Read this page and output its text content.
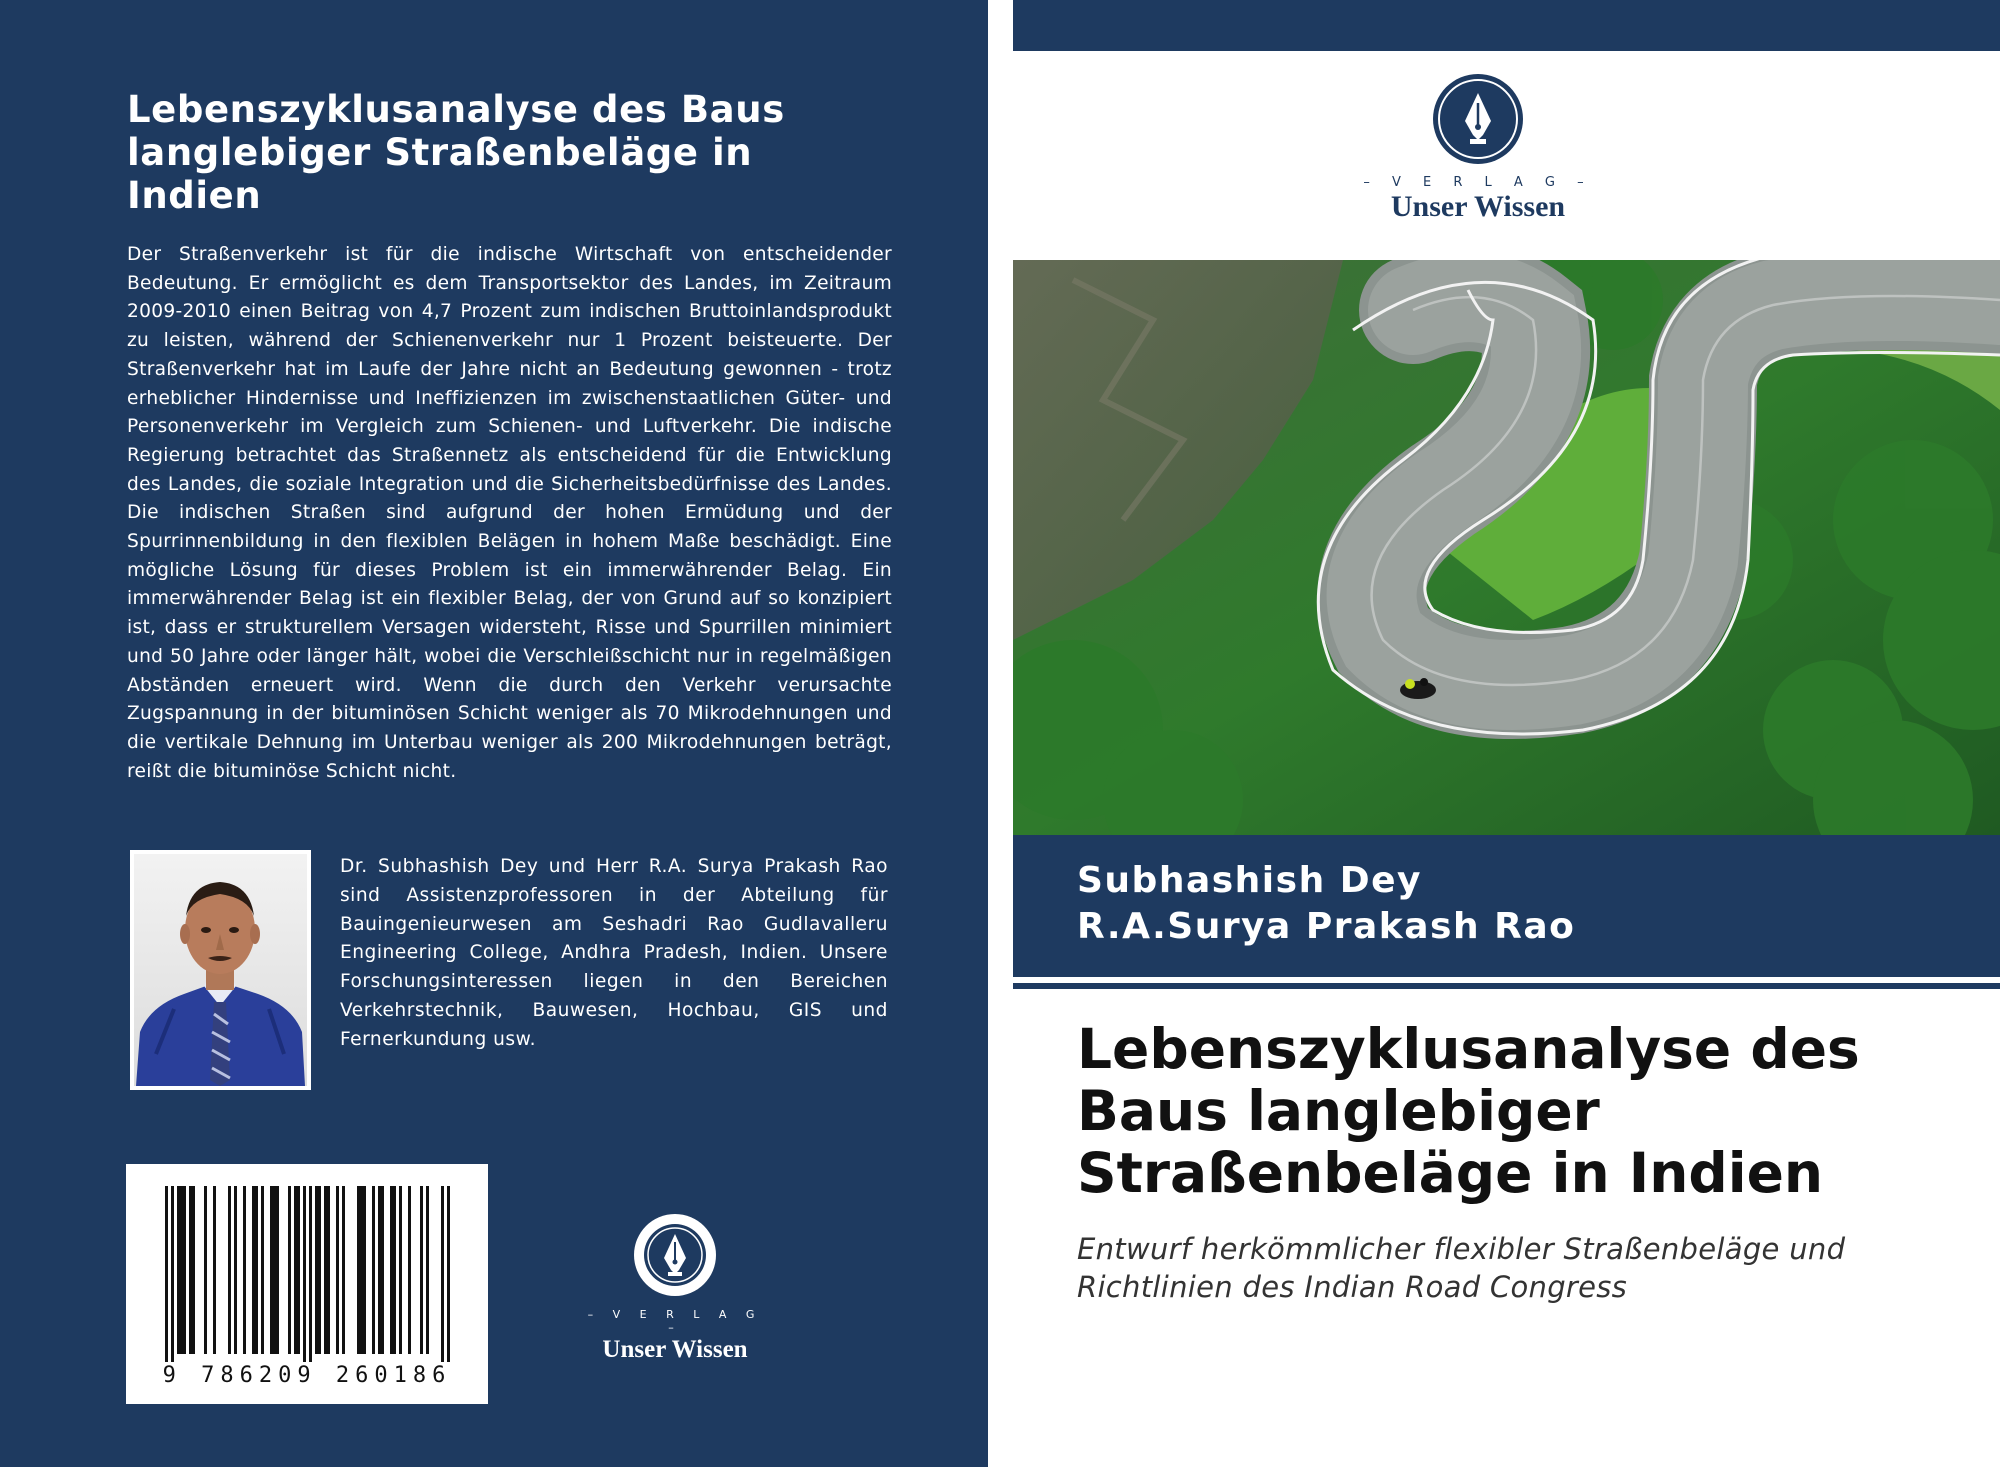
Lebenszyklusanalyse des Baus langlebiger Straßenbeläge in Indien

Der Straßenverkehr ist für die indische Wirtschaft von entscheidender Bedeutung. Er ermöglicht es dem Transportsektor des Landes, im Zeitraum 2009-2010 einen Beitrag von 4,7 Prozent zum indischen Bruttoinlandsprodukt zu leisten, während der Schienenverkehr nur 1 Prozent beisteuerte. Der Straßenverkehr hat im Laufe der Jahre nicht an Bedeutung gewonnen - trotz erheblicher Hindernisse und Ineffizienzen im zwischenstaatlichen Güter- und Personenverkehr im Vergleich zum Schienen- und Luftverkehr. Die indische Regierung betrachtet das Straßennetz als entscheidend für die Entwicklung des Landes, die soziale Integration und die Sicherheitsbedürfnisse des Landes. Die indischen Straßen sind aufgrund der hohen Ermüdung und der Spurrinnenbildung in den flexiblen Belägen in hohem Maße beschädigt. Eine mögliche Lösung für dieses Problem ist ein immerwährender Belag. Ein immerwährender Belag ist ein flexibler Belag, der von Grund auf so konzipiert ist, dass er strukturellem Versagen widersteht, Risse und Spurrillen minimiert und 50 Jahre oder länger hält, wobei die Verschleißschicht nur in regelmäßigen Abständen erneuert wird. Wenn die durch den Verkehr verursachte Zugspannung in der bituminösen Schicht weniger als 70 Mikrodehnungen und die vertikale Dehnung im Unterbau weniger als 200 Mikrodehnungen beträgt, reißt die bituminöse Schicht nicht.

Dr. Subhashish Dey und Herr R.A. Surya Prakash Rao sind Assistenzprofessoren in der Abteilung für Bauingenieurwesen am Seshadri Rao Gudlavalleru Engineering College, Andhra Pradesh, Indien. Unsere Forschungsinteressen liegen in den Bereichen Verkehrstechnik, Bauwesen, Hochbau, GIS und Fernerkundung usw.

9 786209 260186
– V E R L A G –
Unser Wissen
– V E R L A G –
Unser Wissen
Subhashish Dey
R.A.Surya Prakash Rao
Lebenszyklusanalyse des Baus langlebiger Straßenbeläge in Indien

Entwurf herkömmlicher flexibler Straßenbeläge und Richtlinien des Indian Road Congress
